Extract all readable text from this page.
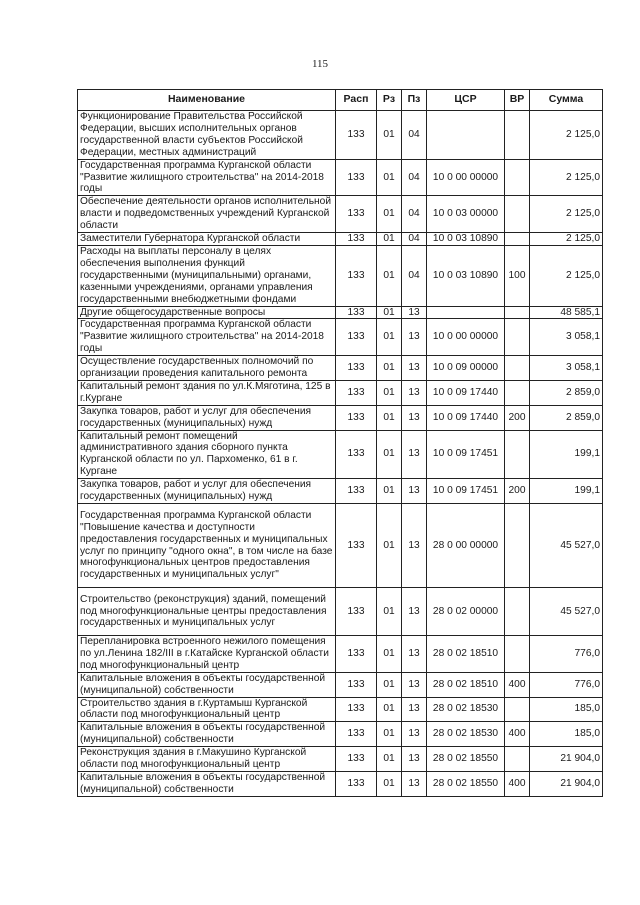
115
Наименование	Расп	Рз	Пз	ЦСР	ВР	Сумма
Функционирование Правительства Российской Федерации, высших исполнительных органов государственной власти субъектов Российской Федерации, местных администраций	133	01	04			2 125,0
Государственная программа Курганской области "Развитие жилищного строительства" на 2014-2018 годы	133	01	04	10 0 00 00000		2 125,0
Обеспечение деятельности органов исполнительной власти и подведомственных учреждений Курганской области	133	01	04	10 0 03 00000		2 125,0
Заместители Губернатора Курганской области	133	01	04	10 0 03 10890		2 125,0
Расходы на выплаты персоналу в целях обеспечения выполнения функций государственными (муниципальными) органами, казенными учреждениями, органами управления государственными внебюджетными фондами	133	01	04	10 0 03 10890	100	2 125,0
Другие общегосударственные вопросы	133	01	13			48 585,1
Государственная программа Курганской области "Развитие жилищного строительства" на 2014-2018 годы	133	01	13	10 0 00 00000		3 058,1
Осуществление государственных полномочий по организации проведения капитального ремонта	133	01	13	10 0 09 00000		3 058,1
Капитальный ремонт здания по ул.К.Мяготина, 125 в г.Кургане	133	01	13	10 0 09 17440		2 859,0
Закупка товаров, работ и услуг для обеспечения государственных (муниципальных) нужд	133	01	13	10 0 09 17440	200	2 859,0
Капитальный ремонт помещений административного здания сборного пункта Курганской области по ул. Пархоменко, 61 в г. Кургане	133	01	13	10 0 09 17451		199,1
Закупка товаров, работ и услуг для обеспечения государственных (муниципальных) нужд	133	01	13	10 0 09 17451	200	199,1
Государственная программа Курганской области "Повышение качества и доступности предоставления государственных и муниципальных услуг по принципу "одного окна", в том числе на базе многофункциональных центров предоставления государственных и муниципальных услуг"	133	01	13	28 0 00 00000		45 527,0
Строительство (реконструкция) зданий, помещений под многофункциональные центры предоставления государственных и муниципальных услуг	133	01	13	28 0 02 00000		45 527,0
Перепланировка встроенного нежилого помещения по ул.Ленина 182/III в г.Катайске Курганской области под многофункциональный центр	133	01	13	28 0 02 18510		776,0
Капитальные вложения в объекты государственной (муниципальной) собственности	133	01	13	28 0 02 18510	400	776,0
Строительство здания в г.Куртамыш Курганской области под многофункциональный центр	133	01	13	28 0 02 18530		185,0
Капитальные вложения в объекты государственной (муниципальной) собственности	133	01	13	28 0 02 18530	400	185,0
Реконструкция здания в г.Макушино Курганской области под многофункциональный центр	133	01	13	28 0 02 18550		21 904,0
Капитальные вложения в объекты государственной (муниципальной) собственности	133	01	13	28 0 02 18550	400	21 904,0
